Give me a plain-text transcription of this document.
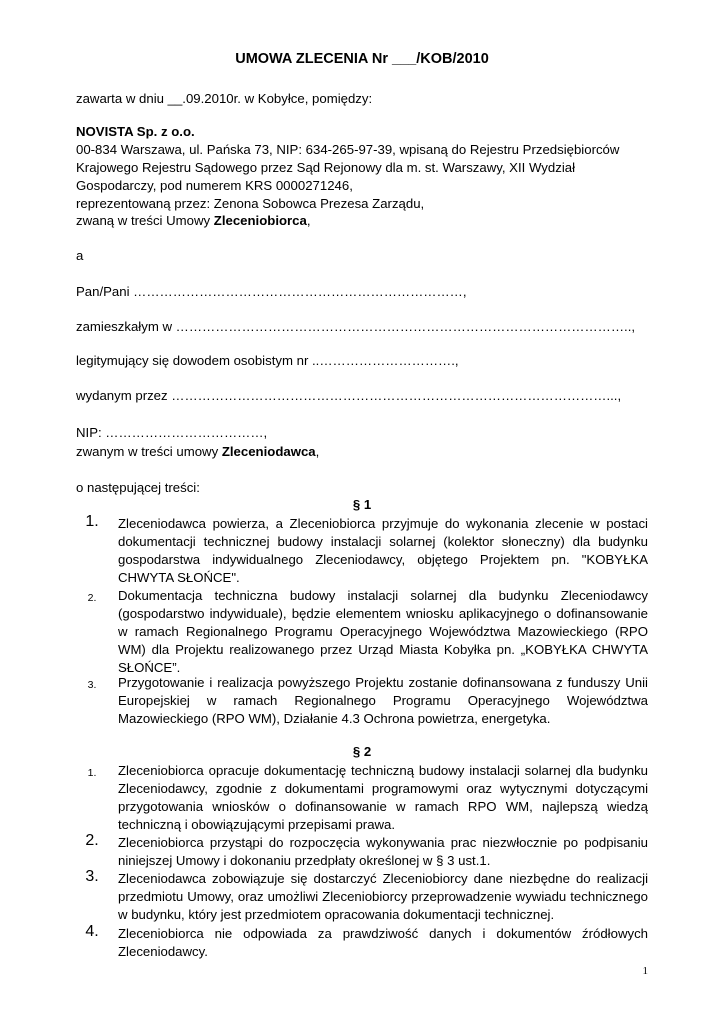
UMOWA ZLECENIA Nr ___/KOB/2010
zawarta w dniu __.09.2010r. w Kobyłce, pomiędzy:
NOVISTA Sp. z o.o.
00-834 Warszawa, ul. Pańska 73, NIP: 634-265-97-39, wpisaną do Rejestru Przedsiębiorców
Krajowego Rejestru Sądowego przez Sąd Rejonowy dla m. st. Warszawy, XII Wydział
Gospodarczy, pod numerem KRS 0000271246,
reprezentowaną przez: Zenona Sobowca Prezesa Zarządu,
zwaną w treści Umowy Zleceniobiorca,
a
Pan/Pani …………………………………………………………………,
zamieszkałym w …………………………………………………………………………………………..,
legitymujący się dowodem osobistym nr ..………………………….,
wydanym przez ………………………………………………………………………………………...,
NIP: ………………………………,
zwanym w treści umowy Zleceniodawca,
o następującej treści:
§ 1
1.	Zleceniodawca powierza, a Zleceniobiorca przyjmuje do wykonania zlecenie w postaci dokumentacji technicznej budowy instalacji solarnej (kolektor słoneczny) dla budynku gospodarstwa indywidualnego Zleceniodawcy, objętego Projektem pn. "KOBYŁKA CHWYTA SŁOŃCE".
2.	Dokumentacja techniczna budowy instalacji solarnej dla budynku Zleceniodawcy (gospodarstwo indywiduale), będzie elementem wniosku aplikacyjnego o dofinansowanie w ramach Regionalnego Programu Operacyjnego Województwa Mazowieckiego (RPO WM) dla Projektu realizowanego przez Urząd Miasta Kobyłka pn. „KOBYŁKA CHWYTA SŁOŃCE”.
3.	Przygotowanie i realizacja powyższego Projektu zostanie dofinansowana z funduszy Unii Europejskiej w ramach Regionalnego Programu Operacyjnego Województwa Mazowieckiego (RPO WM), Działanie 4.3 Ochrona powietrza, energetyka.
§ 2
1.	Zleceniobiorca opracuje dokumentację techniczną budowy instalacji solarnej dla budynku Zleceniodawcy, zgodnie z dokumentami programowymi oraz wytycznymi dotyczącymi przygotowania wniosków o dofinansowanie w ramach RPO WM, najlepszą wiedzą techniczną i obowiązującymi przepisami prawa.
2.	Zleceniobiorca przystąpi do rozpoczęcia wykonywania prac niezwłocznie po podpisaniu niniejszej Umowy i dokonaniu przedpłaty określonej w § 3 ust.1.
3.	Zleceniodawca zobowiązuje się dostarczyć Zleceniobiorcy dane niezbędne do realizacji przedmiotu Umowy, oraz umożliwi Zleceniobiorcy przeprowadzenie wywiadu technicznego w budynku, który jest przedmiotem opracowania dokumentacji technicznej.
4.	Zleceniobiorca nie odpowiada za prawdziwość danych i dokumentów źródłowych Zleceniodawcy.
1
